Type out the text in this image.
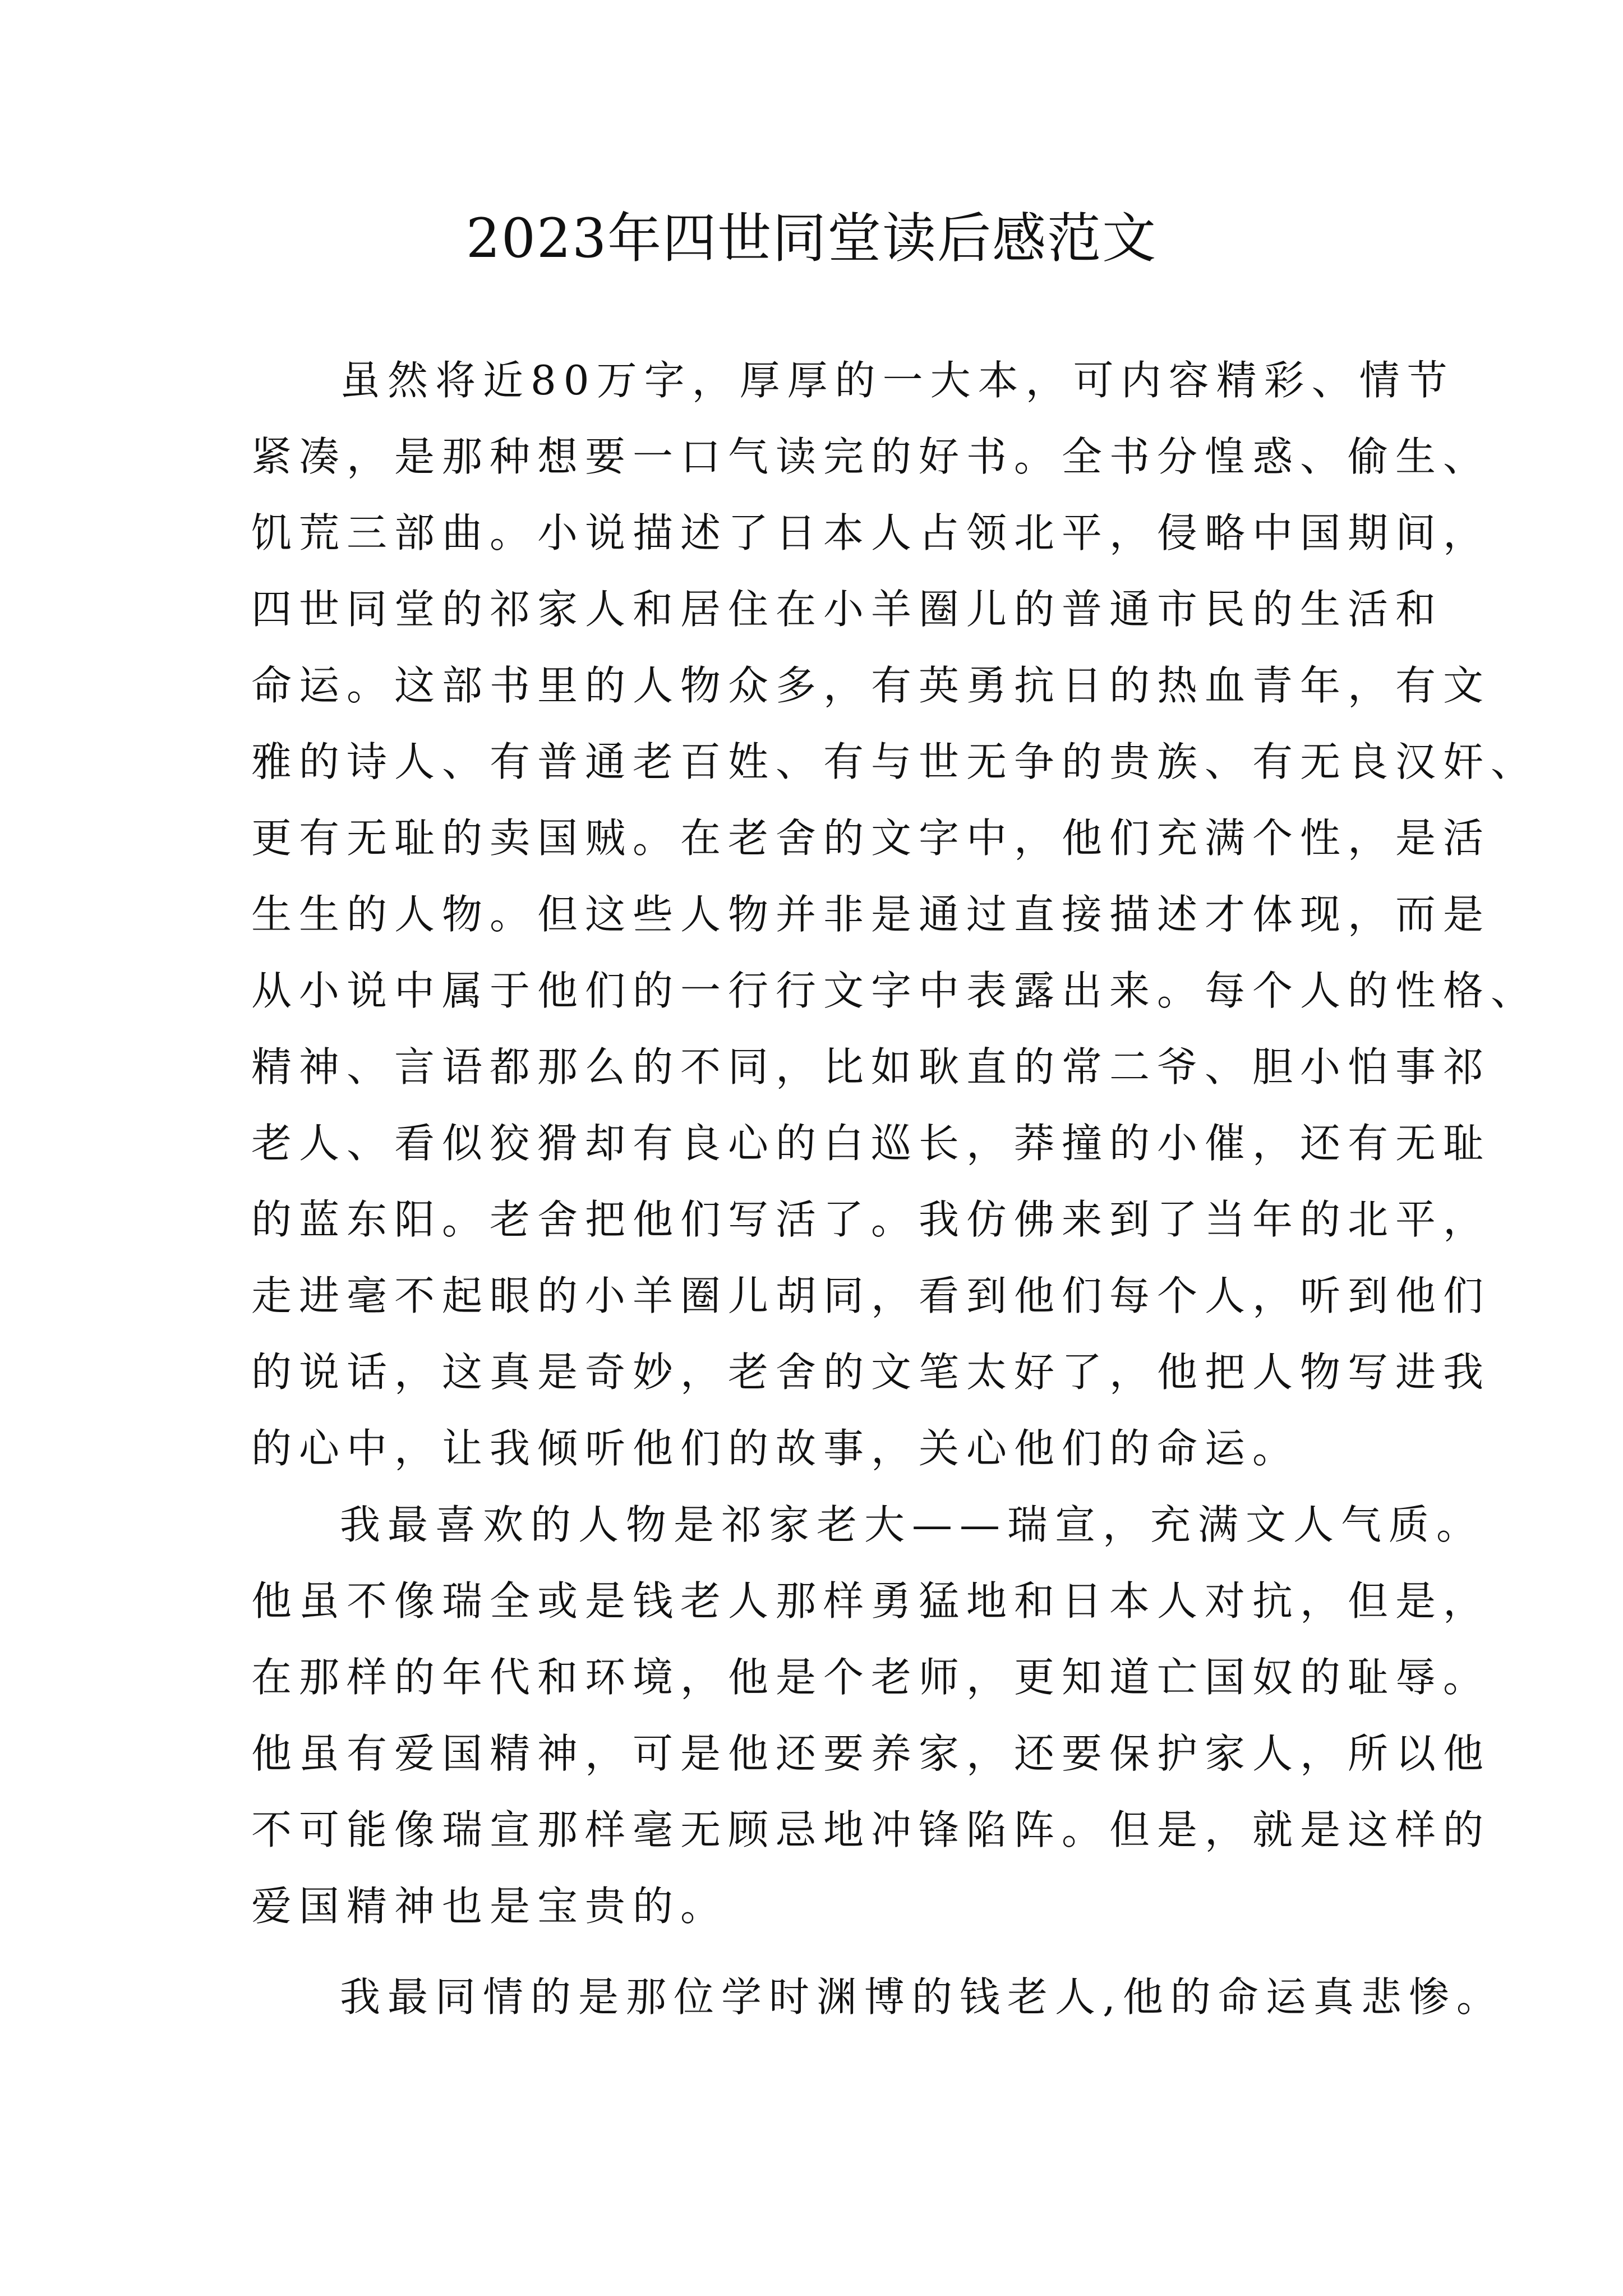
2023年四世同堂读后感范文
虽然将近80万字，厚厚的一大本，可内容精彩、情节
紧凑，是那种想要一口气读完的好书。全书分惶惑、偷生、
饥荒三部曲。小说描述了日本人占领北平，侵略中国期间，
四世同堂的祁家人和居住在小羊圈儿的普通市民的生活和
命运。这部书里的人物众多，有英勇抗日的热血青年，有文
雅的诗人、有普通老百姓、有与世无争的贵族、有无良汉奸、
更有无耻的卖国贼。在老舍的文字中，他们充满个性，是活
生生的人物。但这些人物并非是通过直接描述才体现，而是
从小说中属于他们的一行行文字中表露出来。每个人的性格、
精神、言语都那么的不同，比如耿直的常二爷、胆小怕事祁
老人、看似狡猾却有良心的白巡长，莽撞的小催，还有无耻
的蓝东阳。老舍把他们写活了。我仿佛来到了当年的北平，
走进毫不起眼的小羊圈儿胡同，看到他们每个人，听到他们
的说话，这真是奇妙，老舍的文笔太好了，他把人物写进我
的心中，让我倾听他们的故事，关心他们的命运。
我最喜欢的人物是祁家老大——瑞宣，充满文人气质。
他虽不像瑞全或是钱老人那样勇猛地和日本人对抗，但是，
在那样的年代和环境，他是个老师，更知道亡国奴的耻辱。
他虽有爱国精神，可是他还要养家，还要保护家人，所以他
不可能像瑞宣那样毫无顾忌地冲锋陷阵。但是，就是这样的
爱国精神也是宝贵的。
我最同情的是那位学时渊博的钱老人,他的命运真悲惨。
